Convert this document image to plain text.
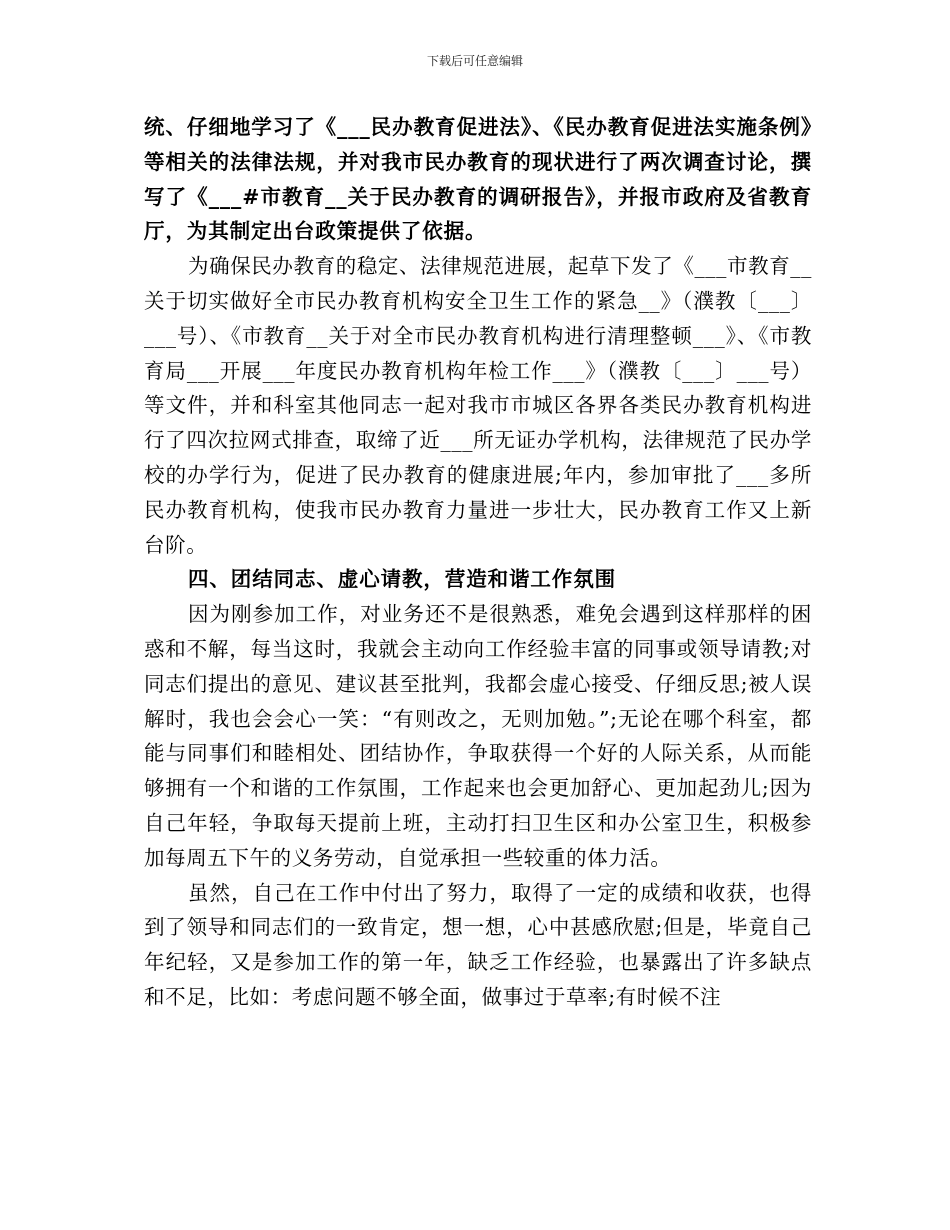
下载后可任意编辑

统、仔细地学习了《___民办教育促进法》、《民办教育促进法实施条例》等相关的法律法规，并对我市民办教育的现状进行了两次调查讨论，撰写了《___#市教育__关于民办教育的调研报告》，并报市政府及省教育厅，为其制定出台政策提供了依据。

为确保民办教育的稳定、法律规范进展，起草下发了《___市教育__关于切实做好全市民办教育机构安全卫生工作的紧急__》（濮教〔___〕___号）、《市教育__关于对全市民办教育机构进行清理整顿___》、《市教育局___开展___年度民办教育机构年检工作___》（濮教〔___〕___号）等文件，并和科室其他同志一起对我市市城区各界各类民办教育机构进行了四次拉网式排查，取缔了近___所无证办学机构，法律规范了民办学校的办学行为，促进了民办教育的健康进展;年内，参加审批了___多所民办教育机构，使我市民办教育力量进一步壮大，民办教育工作又上新台阶。

四、团结同志、虚心请教，营造和谐工作氛围

因为刚参加工作，对业务还不是很熟悉，难免会遇到这样那样的困惑和不解，每当这时，我就会主动向工作经验丰富的同事或领导请教;对同志们提出的意见、建议甚至批判，我都会虚心接受、仔细反思;被人误解时，我也会会心一笑：“有则改之，无则加勉。”;无论在哪个科室，都能与同事们和睦相处、团结协作，争取获得一个好的人际关系，从而能够拥有一个和谐的工作氛围，工作起来也会更加舒心、更加起劲儿;因为自己年轻，争取每天提前上班，主动打扫卫生区和办公室卫生，积极参加每周五下午的义务劳动，自觉承担一些较重的体力活。

虽然，自己在工作中付出了努力，取得了一定的成绩和收获，也得到了领导和同志们的一致肯定，想一想，心中甚感欣慰;但是，毕竟自己年纪轻，又是参加工作的第一年，缺乏工作经验，也暴露出了许多缺点和不足，比如：考虑问题不够全面，做事过于草率;有时候不注
